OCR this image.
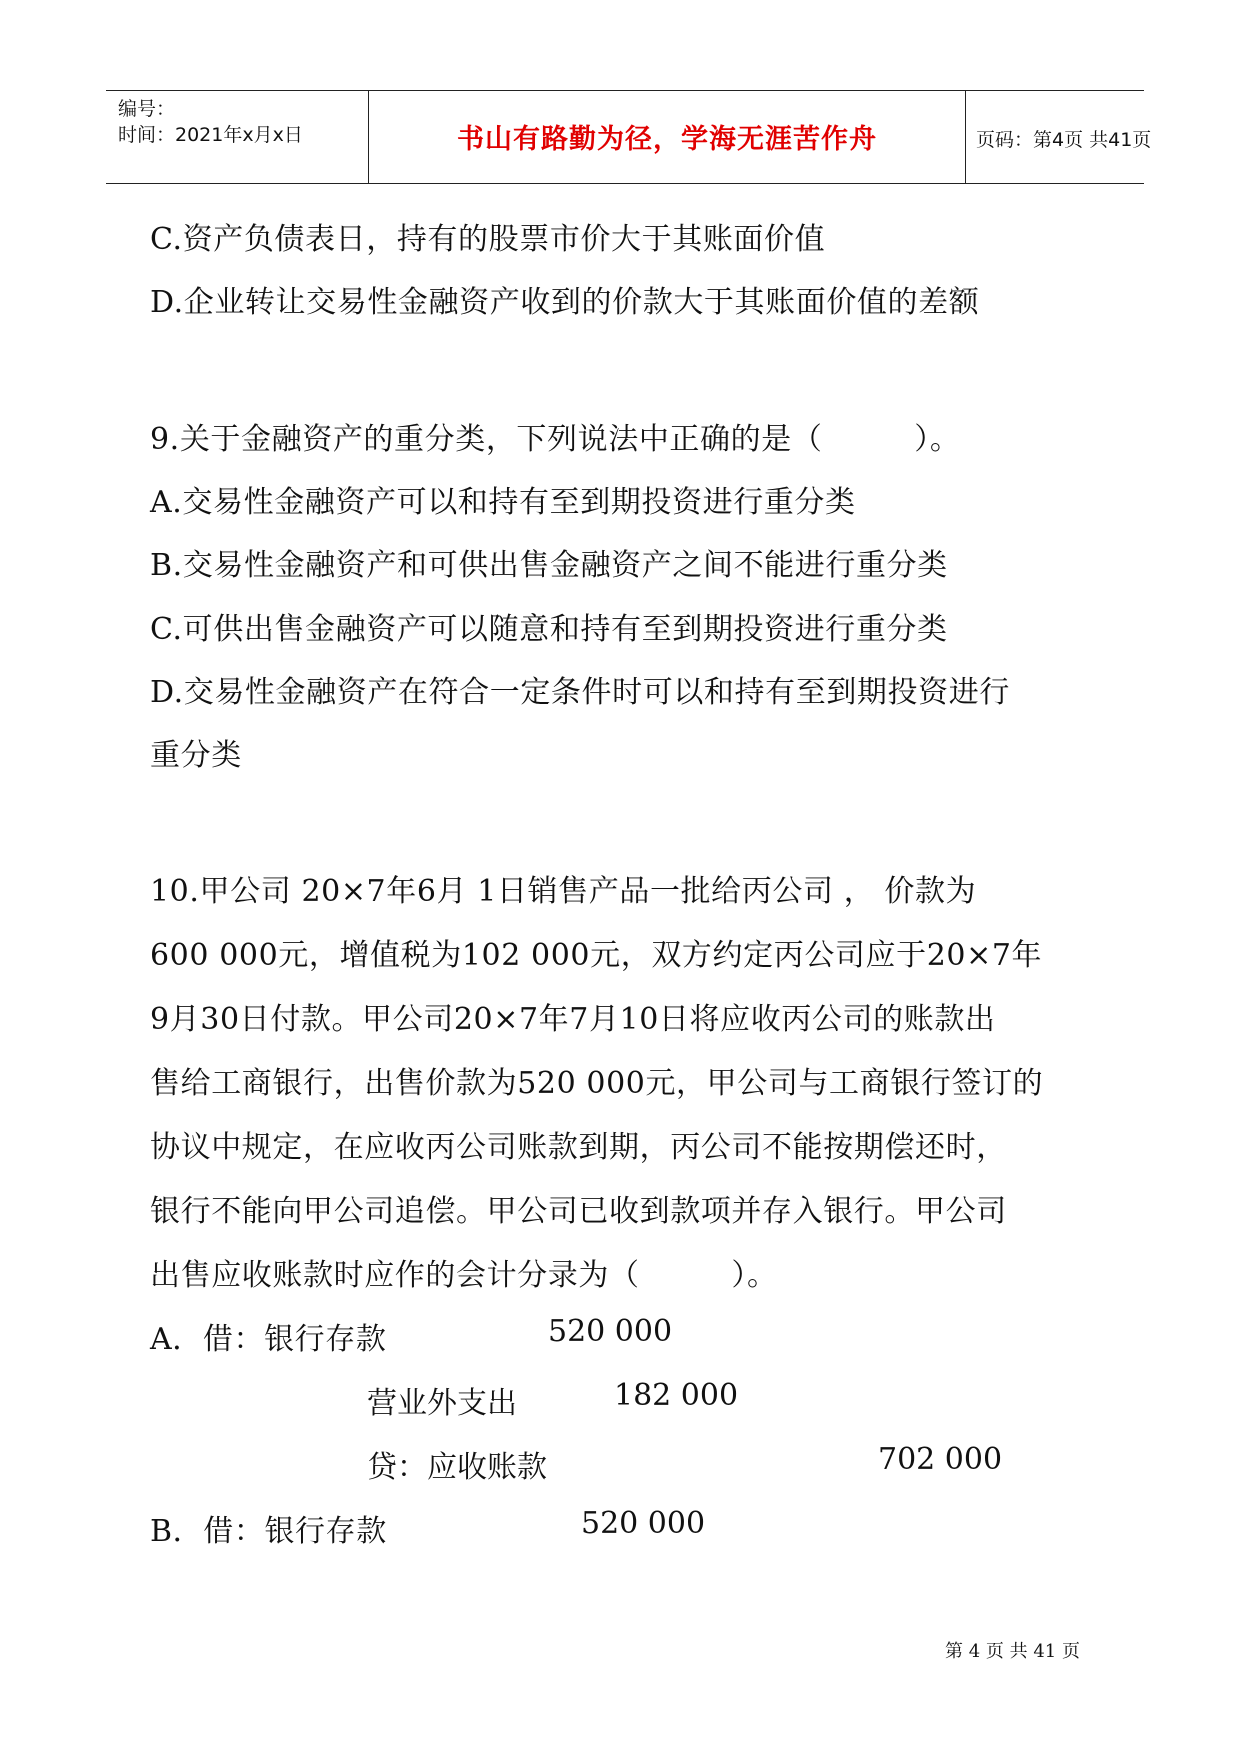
编号：
时间：2021年x月x日	书山有路勤为径，学海无涯苦作舟	页码：第4页 共41页
C.资产负债表日，持有的股票市价大于其账面价值
D.企业转让交易性金融资产收到的价款大于其账面价值的差额
9.关于金融资产的重分类，下列说法中正确的是（　　　）。
A.交易性金融资产可以和持有至到期投资进行重分类
B.交易性金融资产和可供出售金融资产之间不能进行重分类
C.可供出售金融资产可以随意和持有至到期投资进行重分类
D.交易性金融资产在符合一定条件时可以和持有至到期投资进行
重分类
10.甲公司 20×7年6月 1日销售产品一批给丙公司 ， 价款为
600 000元，增值税为102 000元，双方约定丙公司应于20×7年
9月30日付款。甲公司20×7年7月10日将应收丙公司的账款出
售给工商银行，出售价款为520 000元，甲公司与工商银行签订的
协议中规定，在应收丙公司账款到期，丙公司不能按期偿还时，
银行不能向甲公司追偿。甲公司已收到款项并存入银行。甲公司
出售应收账款时应作的会计分录为（　　　）。
A．借：银行存款	520 000
营业外支出	182 000
贷：应收账款	702 000
B．借：银行存款	520 000
第 4 页 共 41 页
